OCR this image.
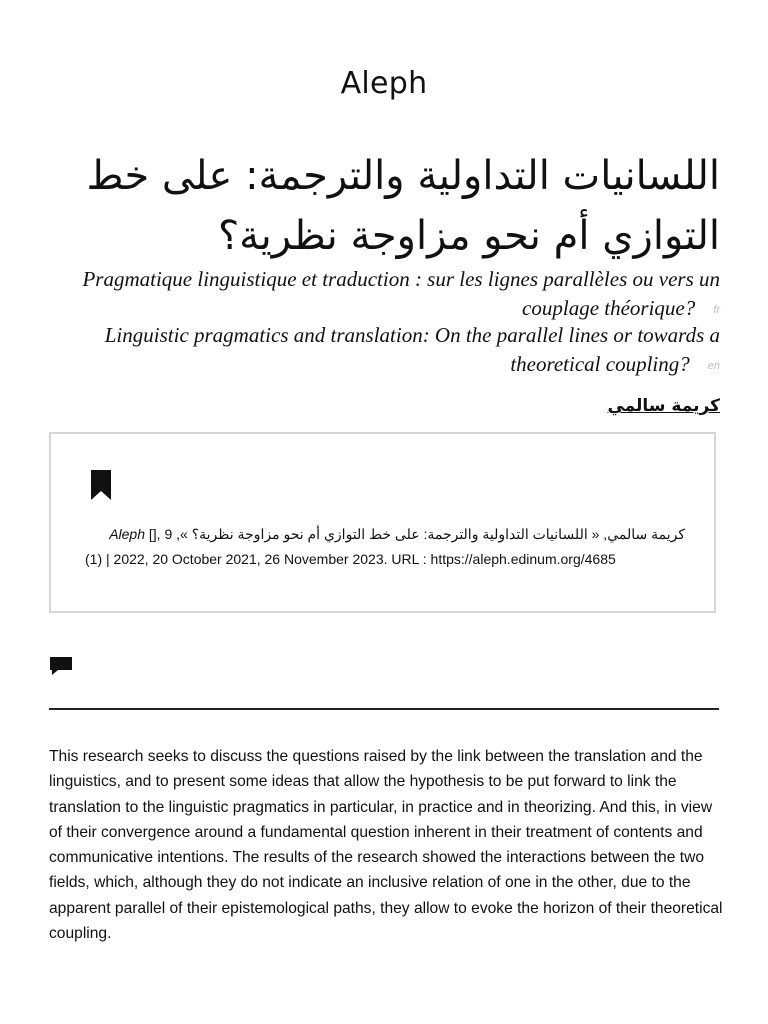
Aleph
اللسانيات التداولية والترجمة: على خط التوازي أم نحو مزاوجة نظرية؟
Pragmatique linguistique et traduction : sur les lignes parallèles ou vers un couplage théorique? fr
Linguistic pragmatics and translation: On the parallel lines or towards a theoretical coupling? en
كريمة سالمي
كريمة سالمي, « اللسانيات التداولية والترجمة: على خط التوازي أم نحو مزاوجة نظرية؟ », Aleph [], 9
(1) | 2022, 20 October 2021, 26 November 2023. URL : https://aleph.edinum.org/4685

This research seeks to discuss the questions raised by the link between the translation and the linguistics, and to present some ideas that allow the hypothesis to be put forward to link the translation to the linguistic pragmatics in particular, in practice and in theorizing. And this, in view of their convergence around a fundamental question inherent in their treatment of contents and communicative intentions. The results of the research showed the interactions between the two fields, which, although they do not indicate an inclusive relation of one in the other, due to the apparent parallel of their epistemological paths, they allow to evoke the horizon of their theoretical coupling.
